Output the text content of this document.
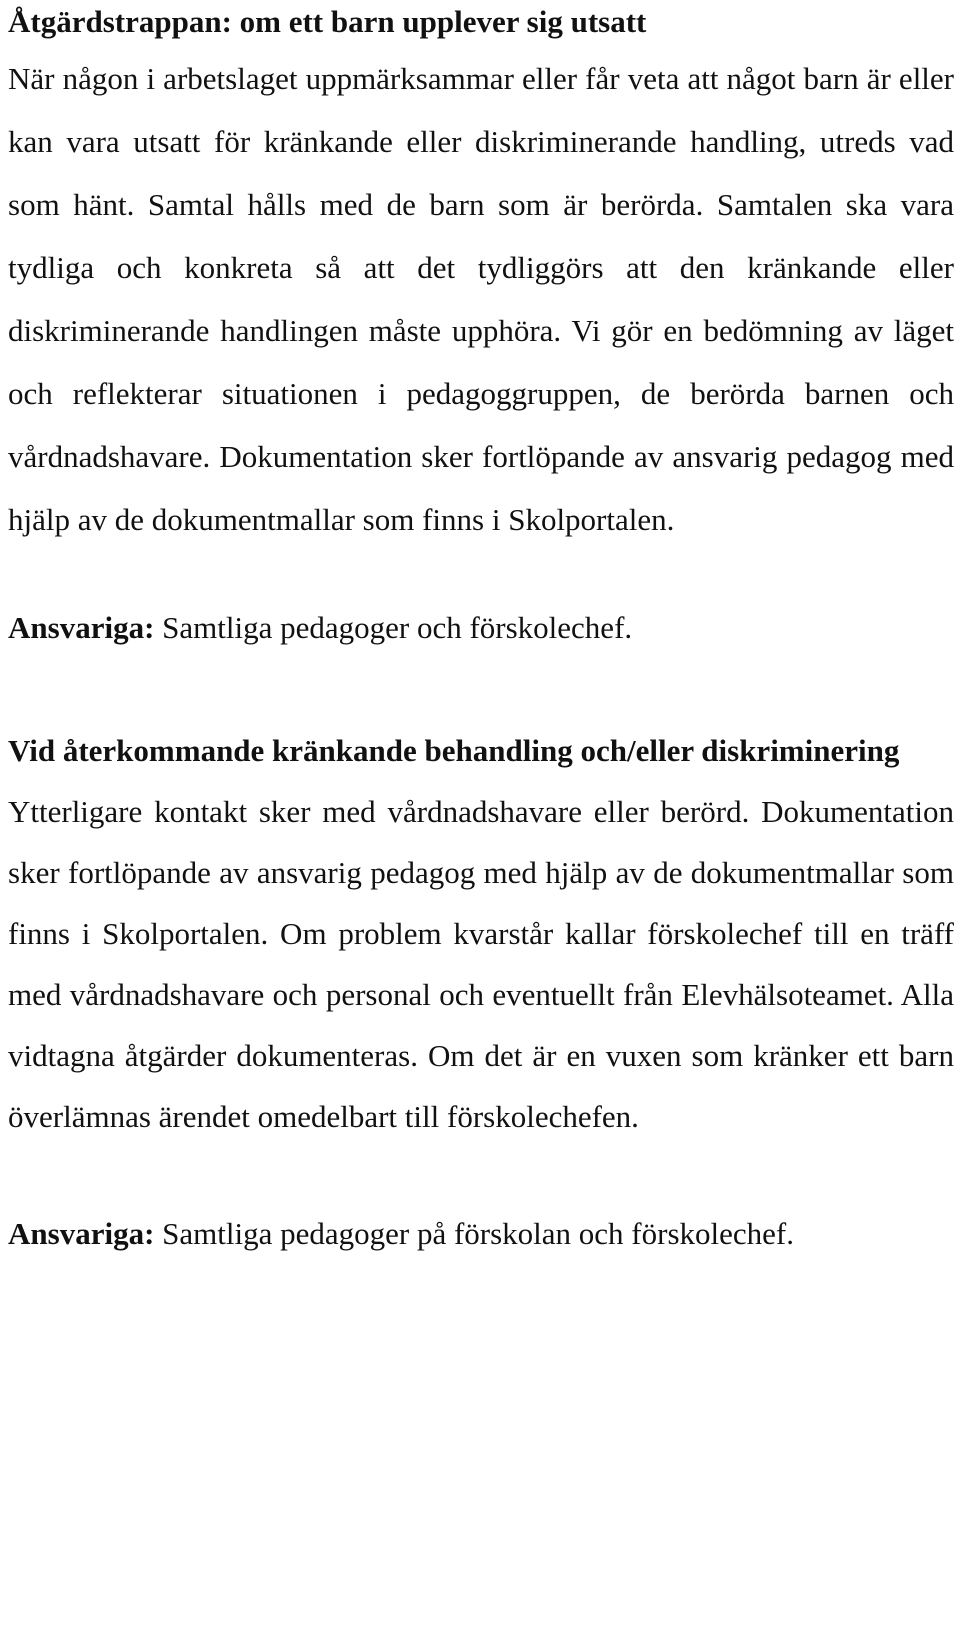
Åtgärdstrappan: om ett barn upplever sig utsatt

När någon i arbetslaget uppmärksammar eller får veta att något barn är eller kan vara utsatt för kränkande eller diskriminerande handling, utreds vad som hänt. Samtal hålls med de barn som är berörda. Samtalen ska vara tydliga och konkreta så att det tydliggörs att den kränkande eller diskriminerande handlingen måste upphöra. Vi gör en bedömning av läget och reflekterar situationen i pedagoggruppen, de berörda barnen och vårdnadshavare. Dokumentation sker fortlöpande av ansvarig pedagog med hjälp av de dokumentmallar som finns i Skolportalen.

Ansvariga: Samtliga pedagoger och förskolechef.

Vid återkommande kränkande behandling och/eller diskriminering

Ytterligare kontakt sker med vårdnadshavare eller berörd. Dokumentation sker fortlöpande av ansvarig pedagog med hjälp av de dokumentmallar som finns i Skolportalen. Om problem kvarstår kallar förskolechef till en träff med vårdnadshavare och personal och eventuellt från Elevhälsoteamet. Alla vidtagna åtgärder dokumenteras. Om det är en vuxen som kränker ett barn överlämnas ärendet omedelbart till förskolechefen.

Ansvariga: Samtliga pedagoger på förskolan och förskolechef.
